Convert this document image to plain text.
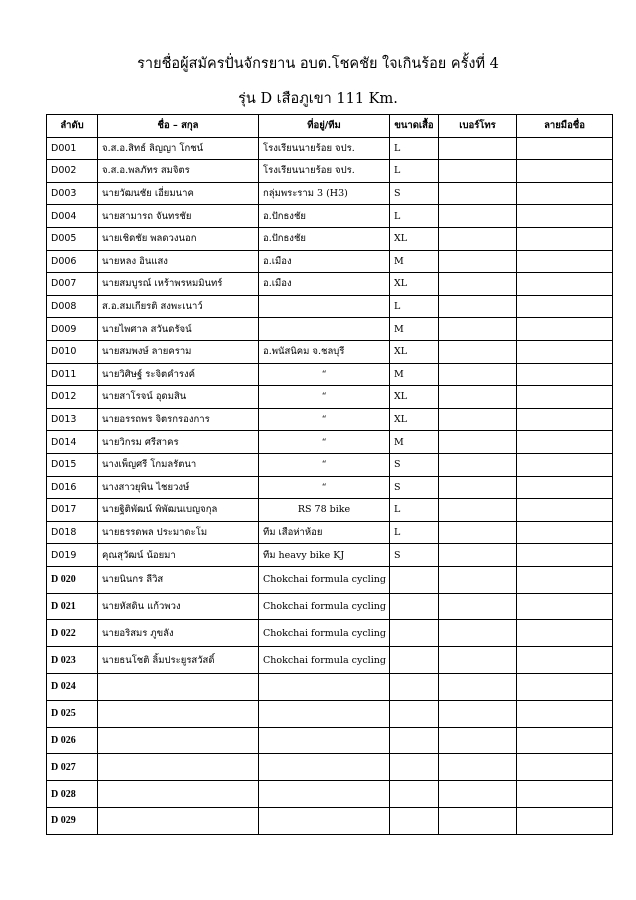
รายชื่อผู้สมัครปั่นจักรยาน อบต.โชคชัย ใจเกินร้อย ครั้งที่ 4
รุ่น D เสือภูเขา 111 Km.
ลำดับ	ชื่อ – สกุล	ที่อยู่/ทีม	ขนาดเสื้อ	เบอร์โทร	ลายมือชื่อ
D001	จ.ส.อ.สิทธ์ ลิญญา โกชน์	โรงเรียนนายร้อย จปร.	L		
D002	จ.ส.อ.พลภัทร สมจิตร	โรงเรียนนายร้อย จปร.	L		
D003	นายวัฒนชัย เอี่ยมนาค	กลุ่มพระราม 3 (H3)	S		
D004	นายสามารถ จันทรชัย	อ.ปักธงชัย	L		
D005	นายเชิดชัย พลดวงนอก	อ.ปักธงชัย	XL		
D006	นายหลง อินแสง	อ.เมือง	M		
D007	นายสมบูรณ์ เหร้าพรหมมินทร์	อ.เมือง	XL		
D008	ส.อ.สมเกียรติ สงพะเนาว์		L		
D009	นายไพศาล สวันดรัจน์		M		
D010	นายสมพงษ์ ลายคราม	อ.พนัสนิคม จ.ชลบุรี	XL		
D011	นายวิศิษฐ์ ระจิตคำรงค์	“	M		
D012	นายสาโรจน์ อุดมสิน	“	XL		
D013	นายอรรถพร จิตรกรองการ	“	XL		
D014	นายวิกรม ศรีสาคร	“	M		
D015	นางเพ็ญศรี โกมลรัตนา	“	S		
D016	นางสาวยุพิน ไชยวงษ์	“	S		
D017	นายฐิติพัฒน์ พิพัฒนเบญจกุล	RS 78 bike	L		
D018	นายธรรดพล ประมาดะโม	ทีม เสือห่าห้อย	L		
D019	คุณสุวัฒน์ น้อยมา	ทีม heavy bike KJ	S		
D 020	นายนินกร ลีวิส	Chokchai formula cycling			
D 021	นายหัสดิน แก้วพวง	Chokchai formula cycling			
D 022	นายอริสมร ภูขลัง	Chokchai formula cycling			
D 023	นายธนโชติ ลิ้มประยูรสวัสดิ์	Chokchai formula cycling			
D 024					
D 025					
D 026					
D 027					
D 028					
D 029					
